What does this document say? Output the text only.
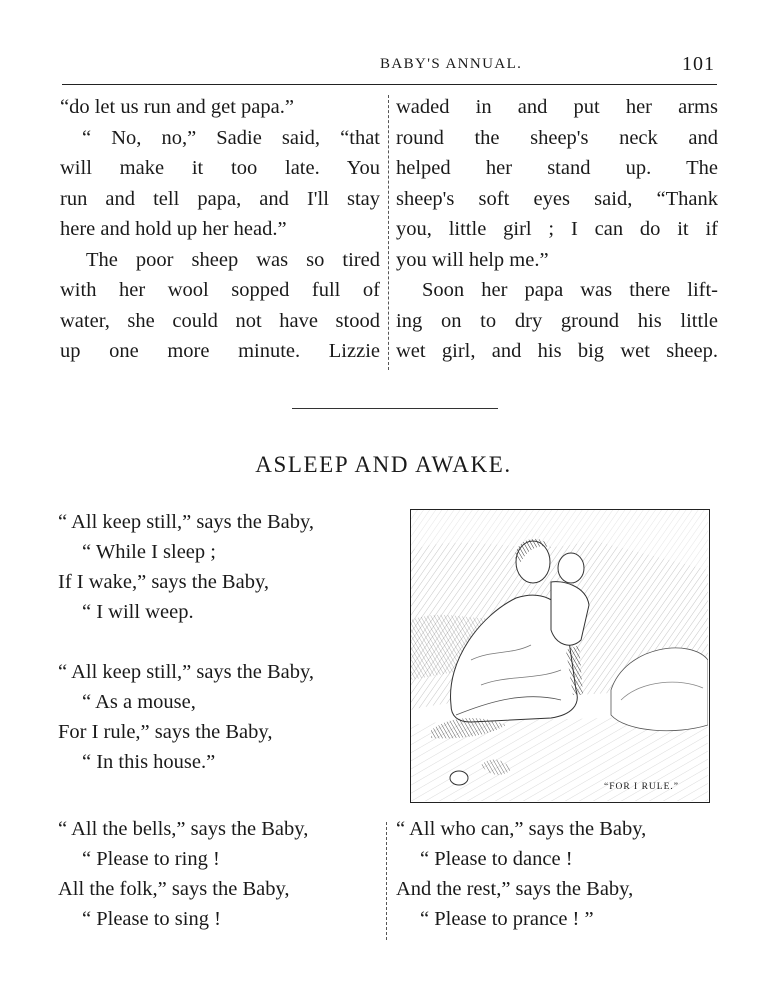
BABY'S ANNUAL.	101

“do let us run and get papa.”

“ No, no,” Sadie said, “that

will make it too late. You

run and tell papa, and I'll stay

here and hold up her head.”

The poor sheep was so tired

with her wool sopped full of

water, she could not have stood

up one more minute. Lizzie

waded in and put her arms

round the sheep's neck and

helped her stand up. The

sheep's soft eyes said, “Thank

you, little girl ; I can do it if

you will help me.”

Soon her papa was there lift-

ing on to dry ground his little

wet girl, and his big wet sheep.

ASLEEP AND AWAKE.
“ All keep still,” says the Baby,
“ While I sleep ;
If I wake,” says the Baby,
“ I will weep.
“ All keep still,” says the Baby,
“ As a mouse,
For I rule,” says the Baby,
“ In this house.”
“ All the bells,” says the Baby,
“ Please to ring !
All the folk,” says the Baby,
“ Please to sing !
“ All who can,” says the Baby,
“ Please to dance !
And the rest,” says the Baby,
“ Please to prance ! ”
“FOR I RULE.”
